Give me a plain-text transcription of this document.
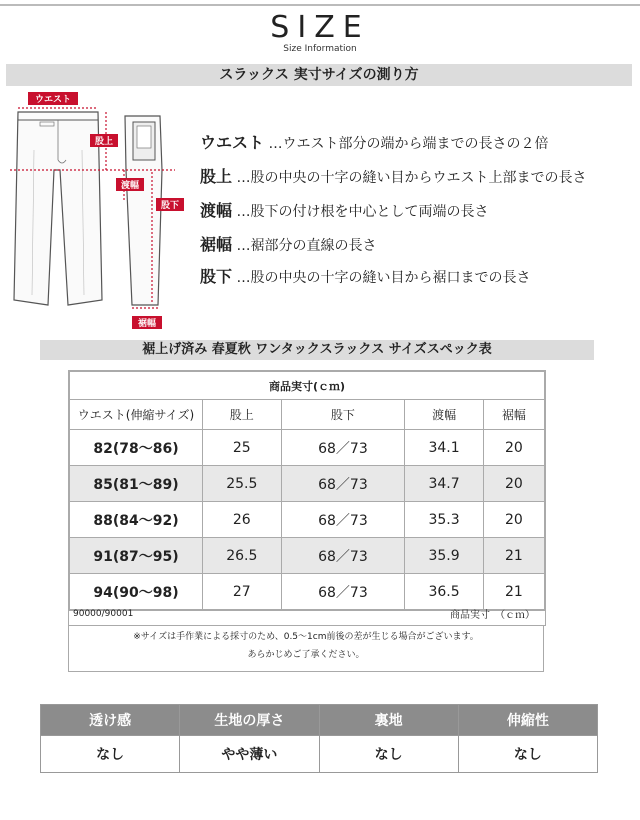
SIZE
Size Information
スラックス 実寸サイズの測り方
ウエスト
股上
渡幅
股下
裾幅
ウエスト …ウエスト部分の端から端までの長さの２倍
股上 …股の中央の十字の縫い目からウエスト上部までの長さ
渡幅 …股下の付け根を中心として両端の長さ
裾幅 …裾部分の直線の長さ
股下 …股の中央の十字の縫い目から裾口までの長さ
裾上げ済み 春夏秋 ワンタックスラックス サイズスペック表
商品実寸(ｃｍ)				
ウエスト(伸縮サイズ)	股上	股下	渡幅	裾幅
82(78～86)	25	68／73	34.1	20
85(81～89)	25.5	68／73	34.7	20
88(84～92)	26	68／73	35.3	20
91(87～95)	26.5	68／73	35.9	21
94(90～98)	27	68／73	36.5	21
90000/90001	商品実寸　（ｃｍ）
※サイズは手作業による採寸のため、0.5～1cm前後の差が生じる場合がございます。
あらかじめご了承ください。
透け感	生地の厚さ	裏地	伸縮性
なし	やや薄い	なし	なし
